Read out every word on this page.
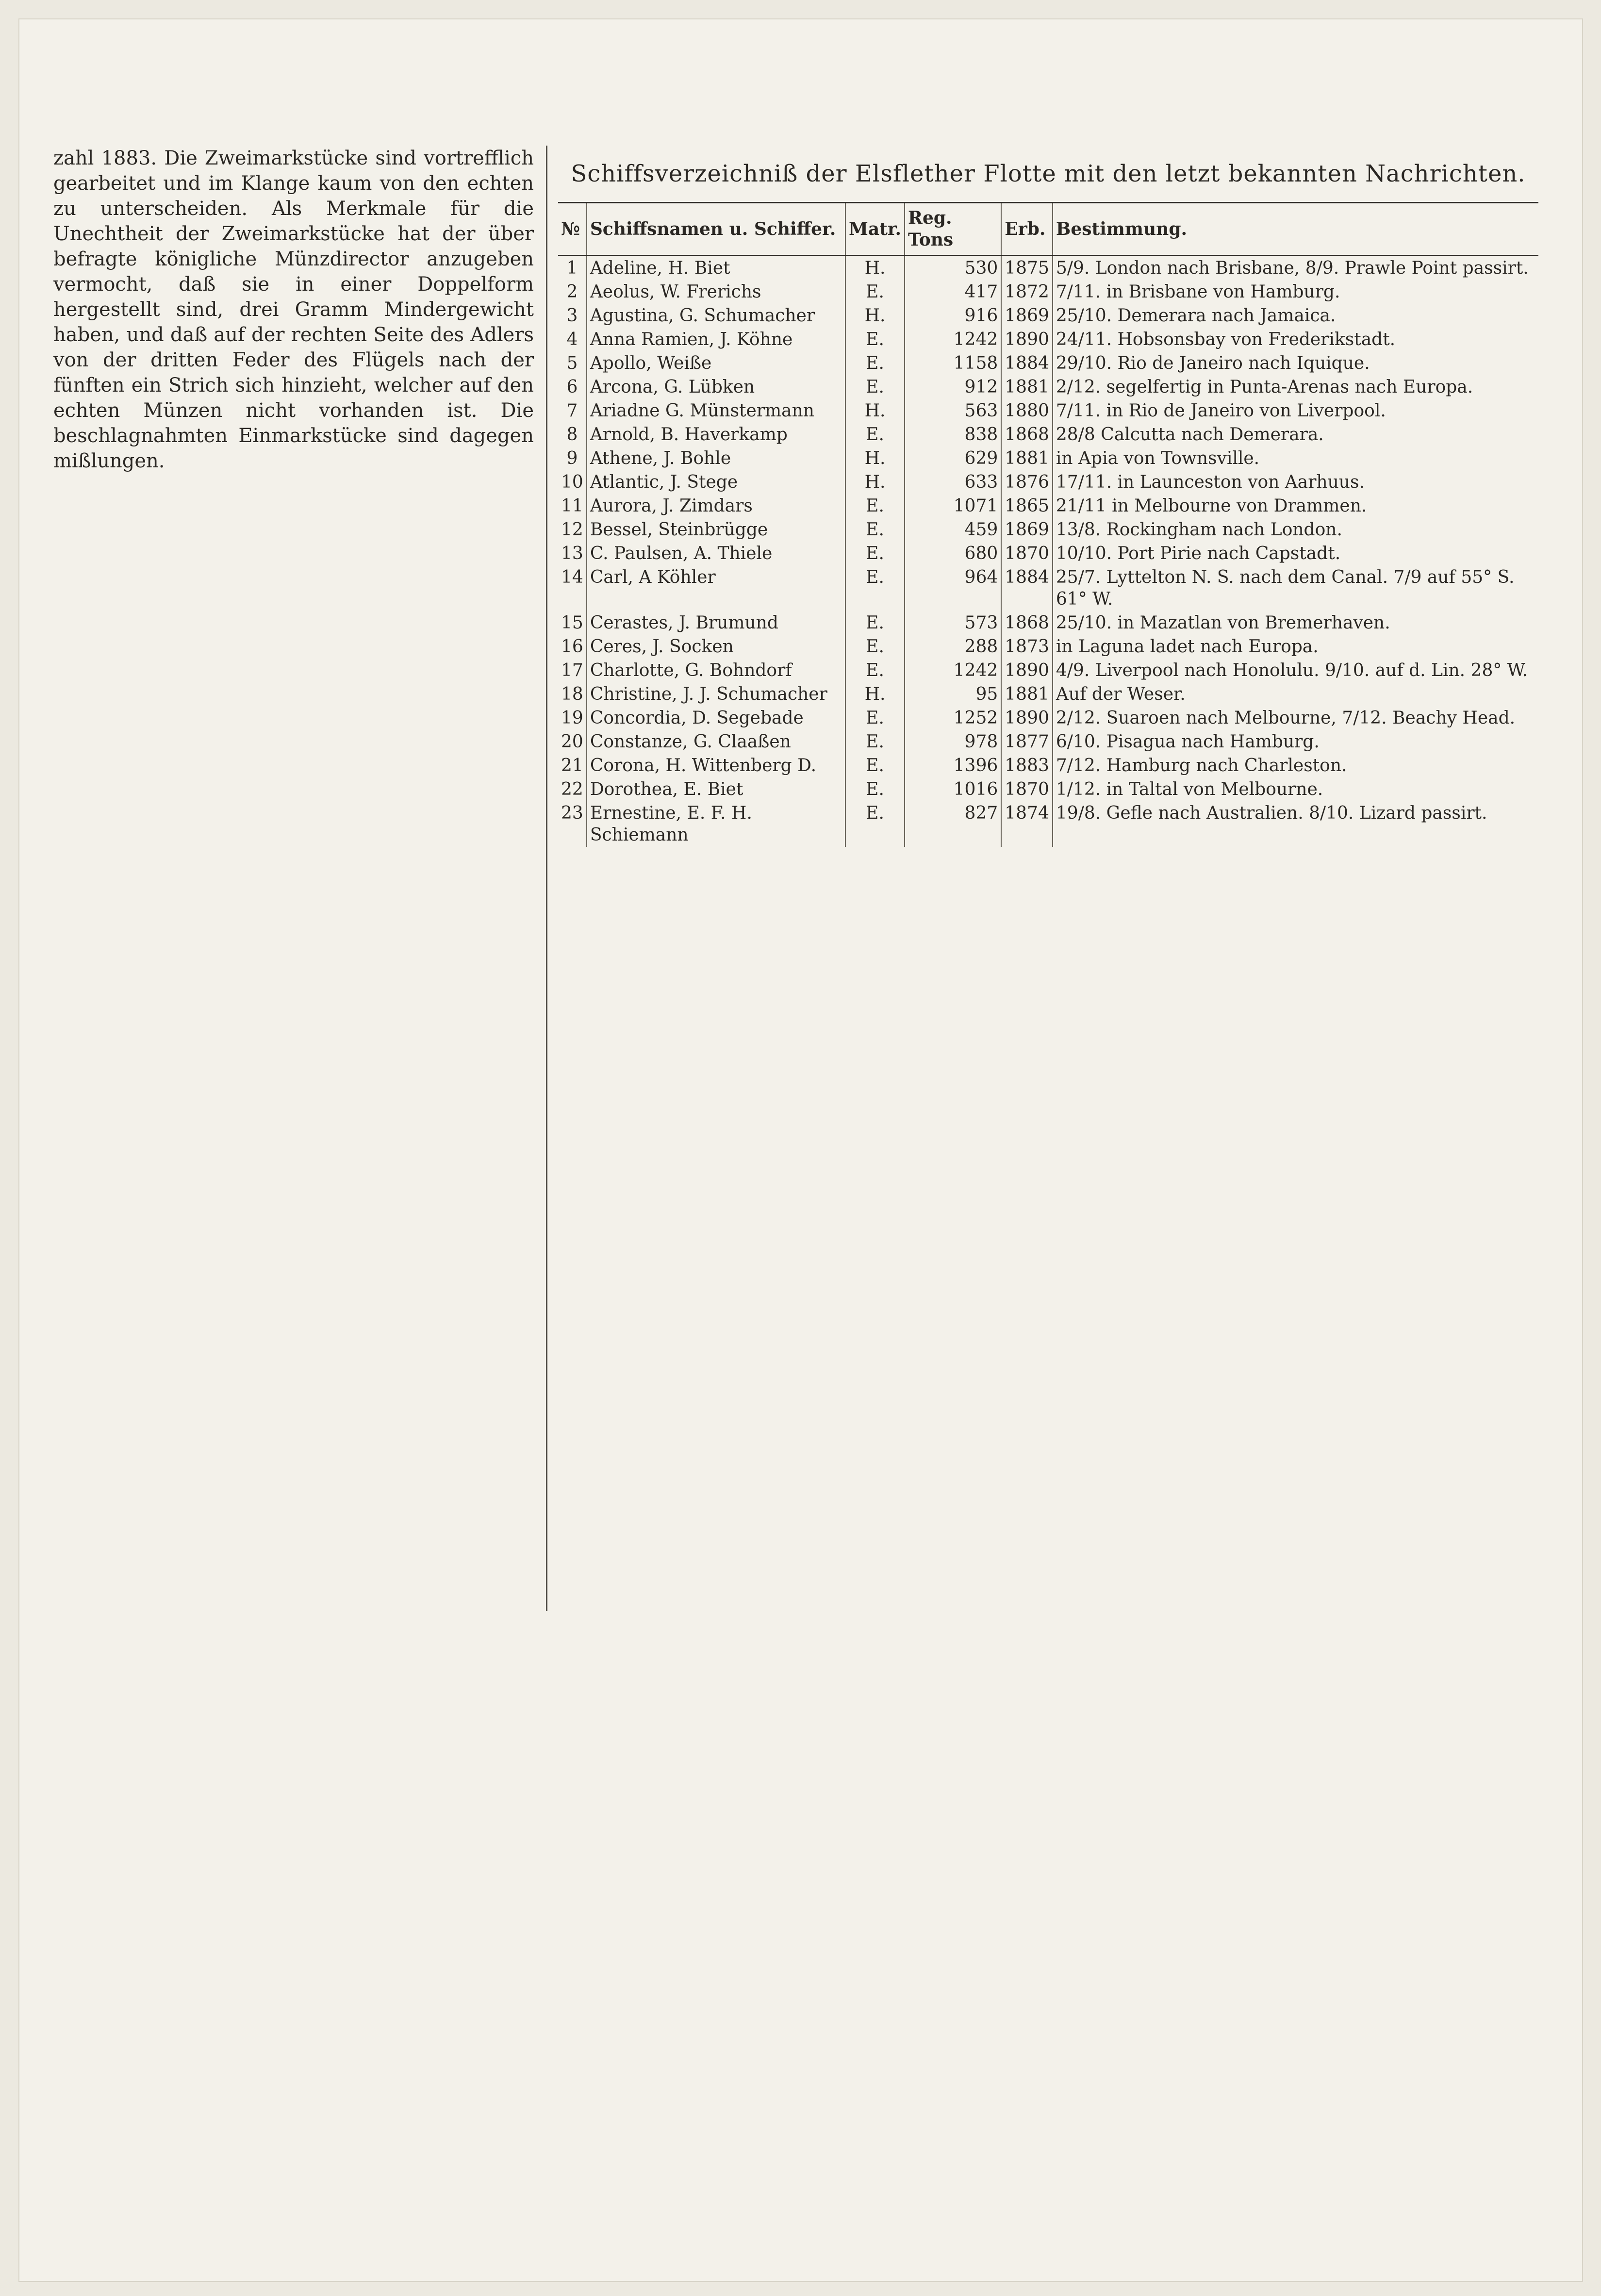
zahl 1883. Die Zweimarkstücke sind vortrefflich gearbeitet und im Klange kaum von den echten zu unterscheiden. Als Merkmale für die Unechtheit der Zweimarkstücke hat der über befragte königliche Münzdirector anzugeben vermocht, daß sie in einer Doppelform hergestellt sind, drei Gramm Mindergewicht haben, und daß auf der rechten Seite des Adlers von der dritten Feder des Flügels nach der fünften ein Strich sich hinzieht, welcher auf den echten Münzen nicht vorhanden ist. Die beschlagnahmten Einmarkstücke sind dagegen mißlungen.

Schiffsverzeichniß der Elsflether Flotte mit den letzt bekannten Nachrichten.
№	Schiffsnamen u. Schiffer.	Matr.	Reg. Tons	Erb.	Bestimmung.
1	Adeline, H. Biet	H.	530	1875	5/9. London nach Brisbane, 8/9. Prawle Point passirt.
2	Aeolus, W. Frerichs	E.	417	1872	7/11. in Brisbane von Hamburg.
3	Agustina, G. Schumacher	H.	916	1869	25/10. Demerara nach Jamaica.
4	Anna Ramien, J. Köhne	E.	1242	1890	24/11. Hobsonsbay von Frederikstadt.
5	Apollo, Weiße	E.	1158	1884	29/10. Rio de Janeiro nach Iquique.
6	Arcona, G. Lübken	E.	912	1881	2/12. segelfertig in Punta-Arenas nach Europa.
7	Ariadne G. Münstermann	H.	563	1880	7/11. in Rio de Janeiro von Liverpool.
8	Arnold, B. Haverkamp	E.	838	1868	28/8 Calcutta nach Demerara.
9	Athene, J. Bohle	H.	629	1881	in Apia von Townsville.
10	Atlantic, J. Stege	H.	633	1876	17/11. in Launceston von Aarhuus.
11	Aurora, J. Zimdars	E.	1071	1865	21/11 in Melbourne von Drammen.
12	Bessel, Steinbrügge	E.	459	1869	13/8. Rockingham nach London.
13	C. Paulsen, A. Thiele	E.	680	1870	10/10. Port Pirie nach Capstadt.
14	Carl, A Köhler	E.	964	1884	25/7. Lyttelton N. S. nach dem Canal. 7/9 auf 55° S. 61° W.
15	Cerastes, J. Brumund	E.	573	1868	25/10. in Mazatlan von Bremerhaven.
16	Ceres, J. Socken	E.	288	1873	in Laguna ladet nach Europa.
17	Charlotte, G. Bohndorf	E.	1242	1890	4/9. Liverpool nach Honolulu. 9/10. auf d. Lin. 28° W.
18	Christine, J. J. Schumacher	H.	95	1881	Auf der Weser.
19	Concordia, D. Segebade	E.	1252	1890	2/12. Suaroen nach Melbourne, 7/12. Beachy Head.
20	Constanze, G. Claaßen	E.	978	1877	6/10. Pisagua nach Hamburg.
21	Corona, H. Wittenberg D.	E.	1396	1883	7/12. Hamburg nach Charleston.
22	Dorothea, E. Biet	E.	1016	1870	1/12. in Taltal von Melbourne.
23	Ernestine, E. F. H. Schiemann	E.	827	1874	19/8. Gefle nach Australien. 8/10. Lizard passirt.
